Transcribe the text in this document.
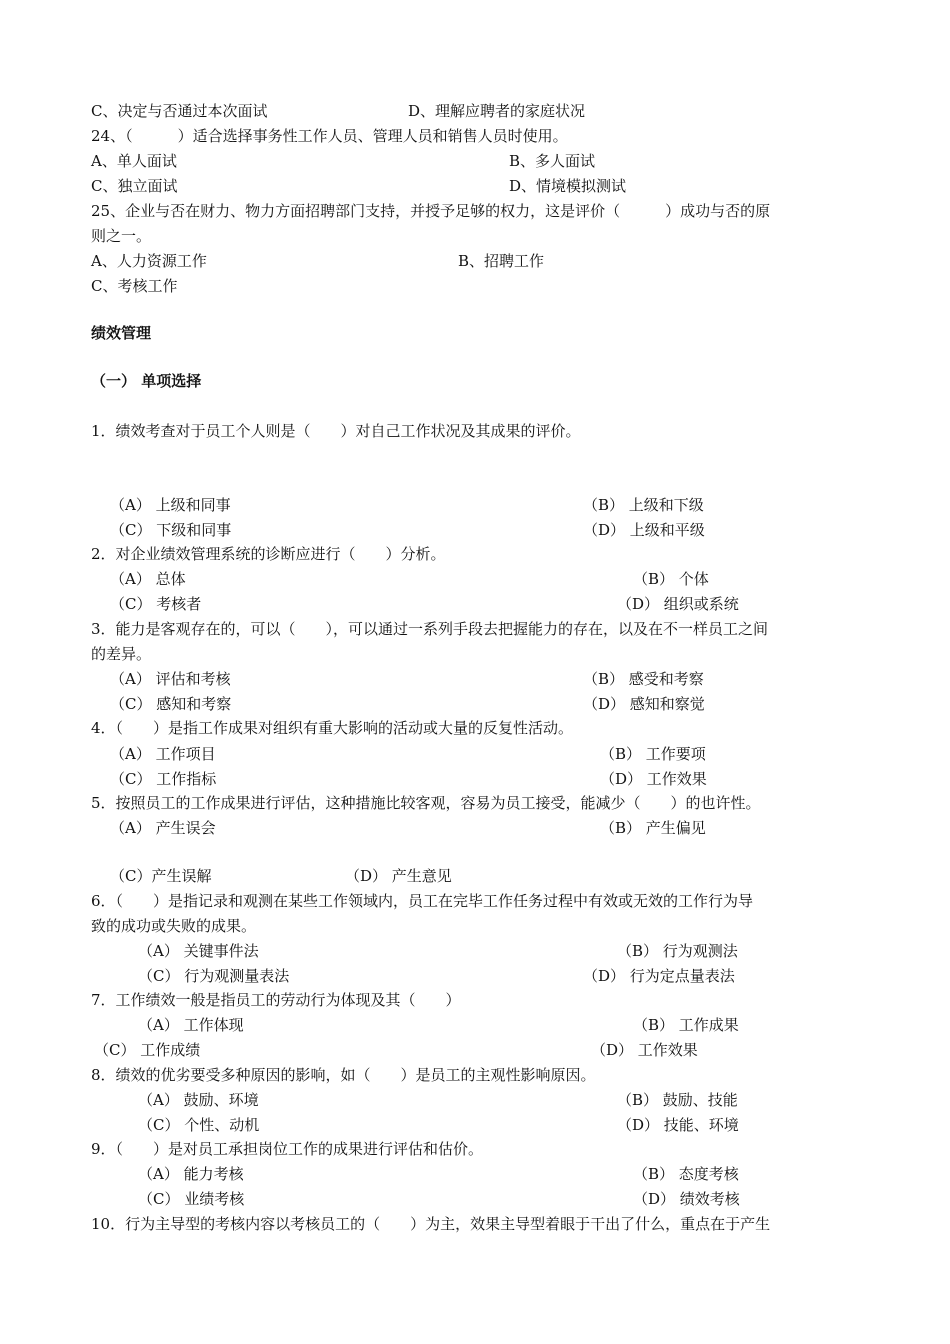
C、决定与否通过本次面试	D、理解应聘者的家庭状况
24、（　　　）适合选择事务性工作人员、管理人员和销售人员时使用。
A、单人面试	B、多人面试
C、独立面试	D、情境模拟测试
25、企业与否在财力、物力方面招聘部门支持，并授予足够的权力，这是评价（　　　）成功与否的原
则之一。
A、人力资源工作	B、招聘工作
C、考核工作
绩效管理
（一） 单项选择
1．绩效考查对于员工个人则是（　　）对自己工作状况及其成果的评价。
（A） 上级和同事	（B） 上级和下级
（C） 下级和同事	（D） 上级和平级
2．对企业绩效管理系统的诊断应进行（　　）分析。
（A） 总体	（B） 个体
（C） 考核者	（D） 组织或系统
3．能力是客观存在的，可以（　　），可以通过一系列手段去把握能力的存在，以及在不一样员工之间
的差异。
（A） 评估和考核	（B） 感受和考察
（C） 感知和考察	（D） 感知和察觉
4．（　　）是指工作成果对组织有重大影响的活动或大量的反复性活动。
（A） 工作项目	（B） 工作要项
（C） 工作指标	（D） 工作效果
5．按照员工的工作成果进行评估，这种措施比较客观，容易为员工接受，能减少（　　）的也许性。
（A） 产生误会	（B） 产生偏见
（C）产生误解	（D） 产生意见
6．（　　）是指记录和观测在某些工作领域内，员工在完毕工作任务过程中有效或无效的工作行为导
致的成功或失败的成果。
（A） 关键事件法	（B） 行为观测法
（C） 行为观测量表法	（D） 行为定点量表法
7．工作绩效一般是指员工的劳动行为体现及其（　　）
（A） 工作体现	（B） 工作成果
（C） 工作成绩	（D） 工作效果
8．绩效的优劣要受多种原因的影响，如（　　）是员工的主观性影响原因。
（A） 鼓励、环境	（B） 鼓励、技能
（C） 个性、动机	（D） 技能、环境
9．（　　）是对员工承担岗位工作的成果进行评估和估价。
（A） 能力考核	（B） 态度考核
（C） 业绩考核	（D） 绩效考核
10．行为主导型的考核内容以考核员工的（　　）为主，效果主导型着眼于干出了什么，重点在于产生
